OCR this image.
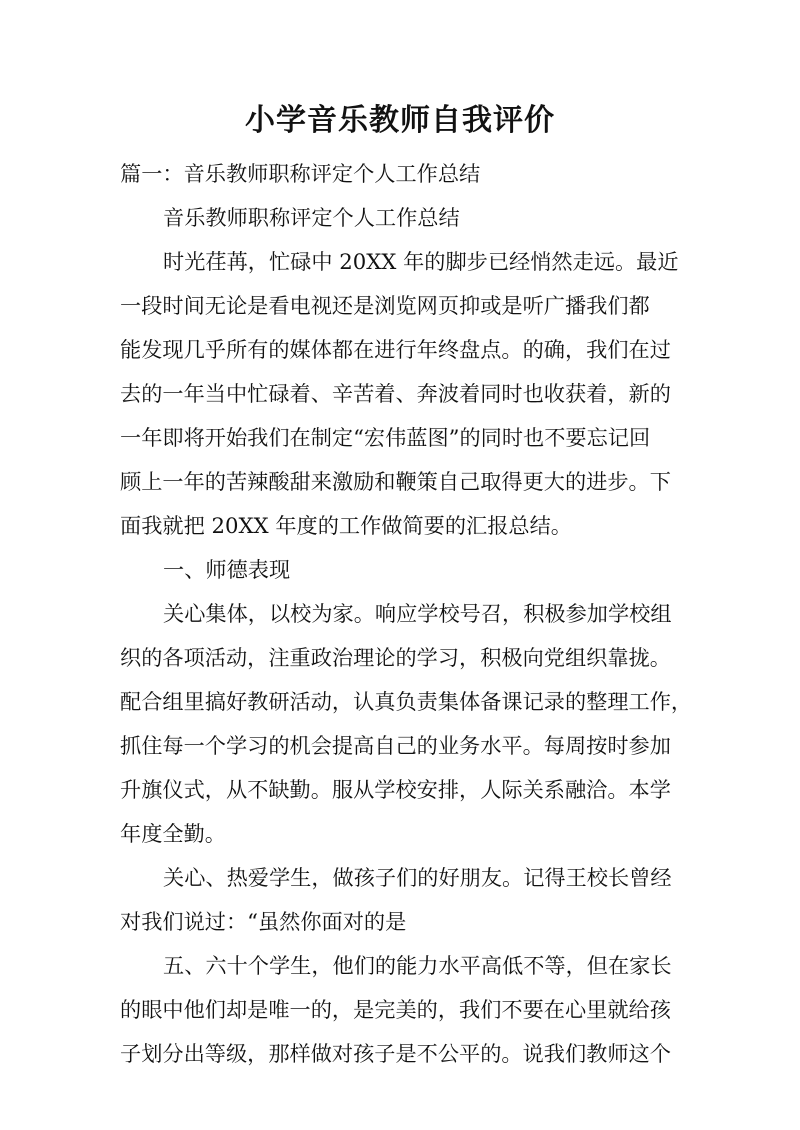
小学音乐教师自我评价
篇一：音乐教师职称评定个人工作总结
音乐教师职称评定个人工作总结
时光荏苒，忙碌中 20XX 年的脚步已经悄然走远。最近
一段时间无论是看电视还是浏览网页抑或是听广播我们都
能发现几乎所有的媒体都在进行年终盘点。的确，我们在过
去的一年当中忙碌着、辛苦着、奔波着同时也收获着，新的
一年即将开始我们在制定“宏伟蓝图”的同时也不要忘记回
顾上一年的苦辣酸甜来激励和鞭策自己取得更大的进步。下
面我就把 20XX 年度的工作做简要的汇报总结。
一、师德表现
关心集体，以校为家。响应学校号召，积极参加学校组
织的各项活动，注重政治理论的学习，积极向党组织靠拢。
配合组里搞好教研活动，认真负责集体备课记录的整理工作，
抓住每一个学习的机会提高自己的业务水平。每周按时参加
升旗仪式，从不缺勤。服从学校安排，人际关系融洽。本学
年度全勤。
关心、热爱学生，做孩子们的好朋友。记得王校长曾经
对我们说过：“虽然你面对的是
五、六十个学生，他们的能力水平高低不等，但在家长
的眼中他们却是唯一的，是完美的，我们不要在心里就给孩
子划分出等级，那样做对孩子是不公平的。说我们教师这个
